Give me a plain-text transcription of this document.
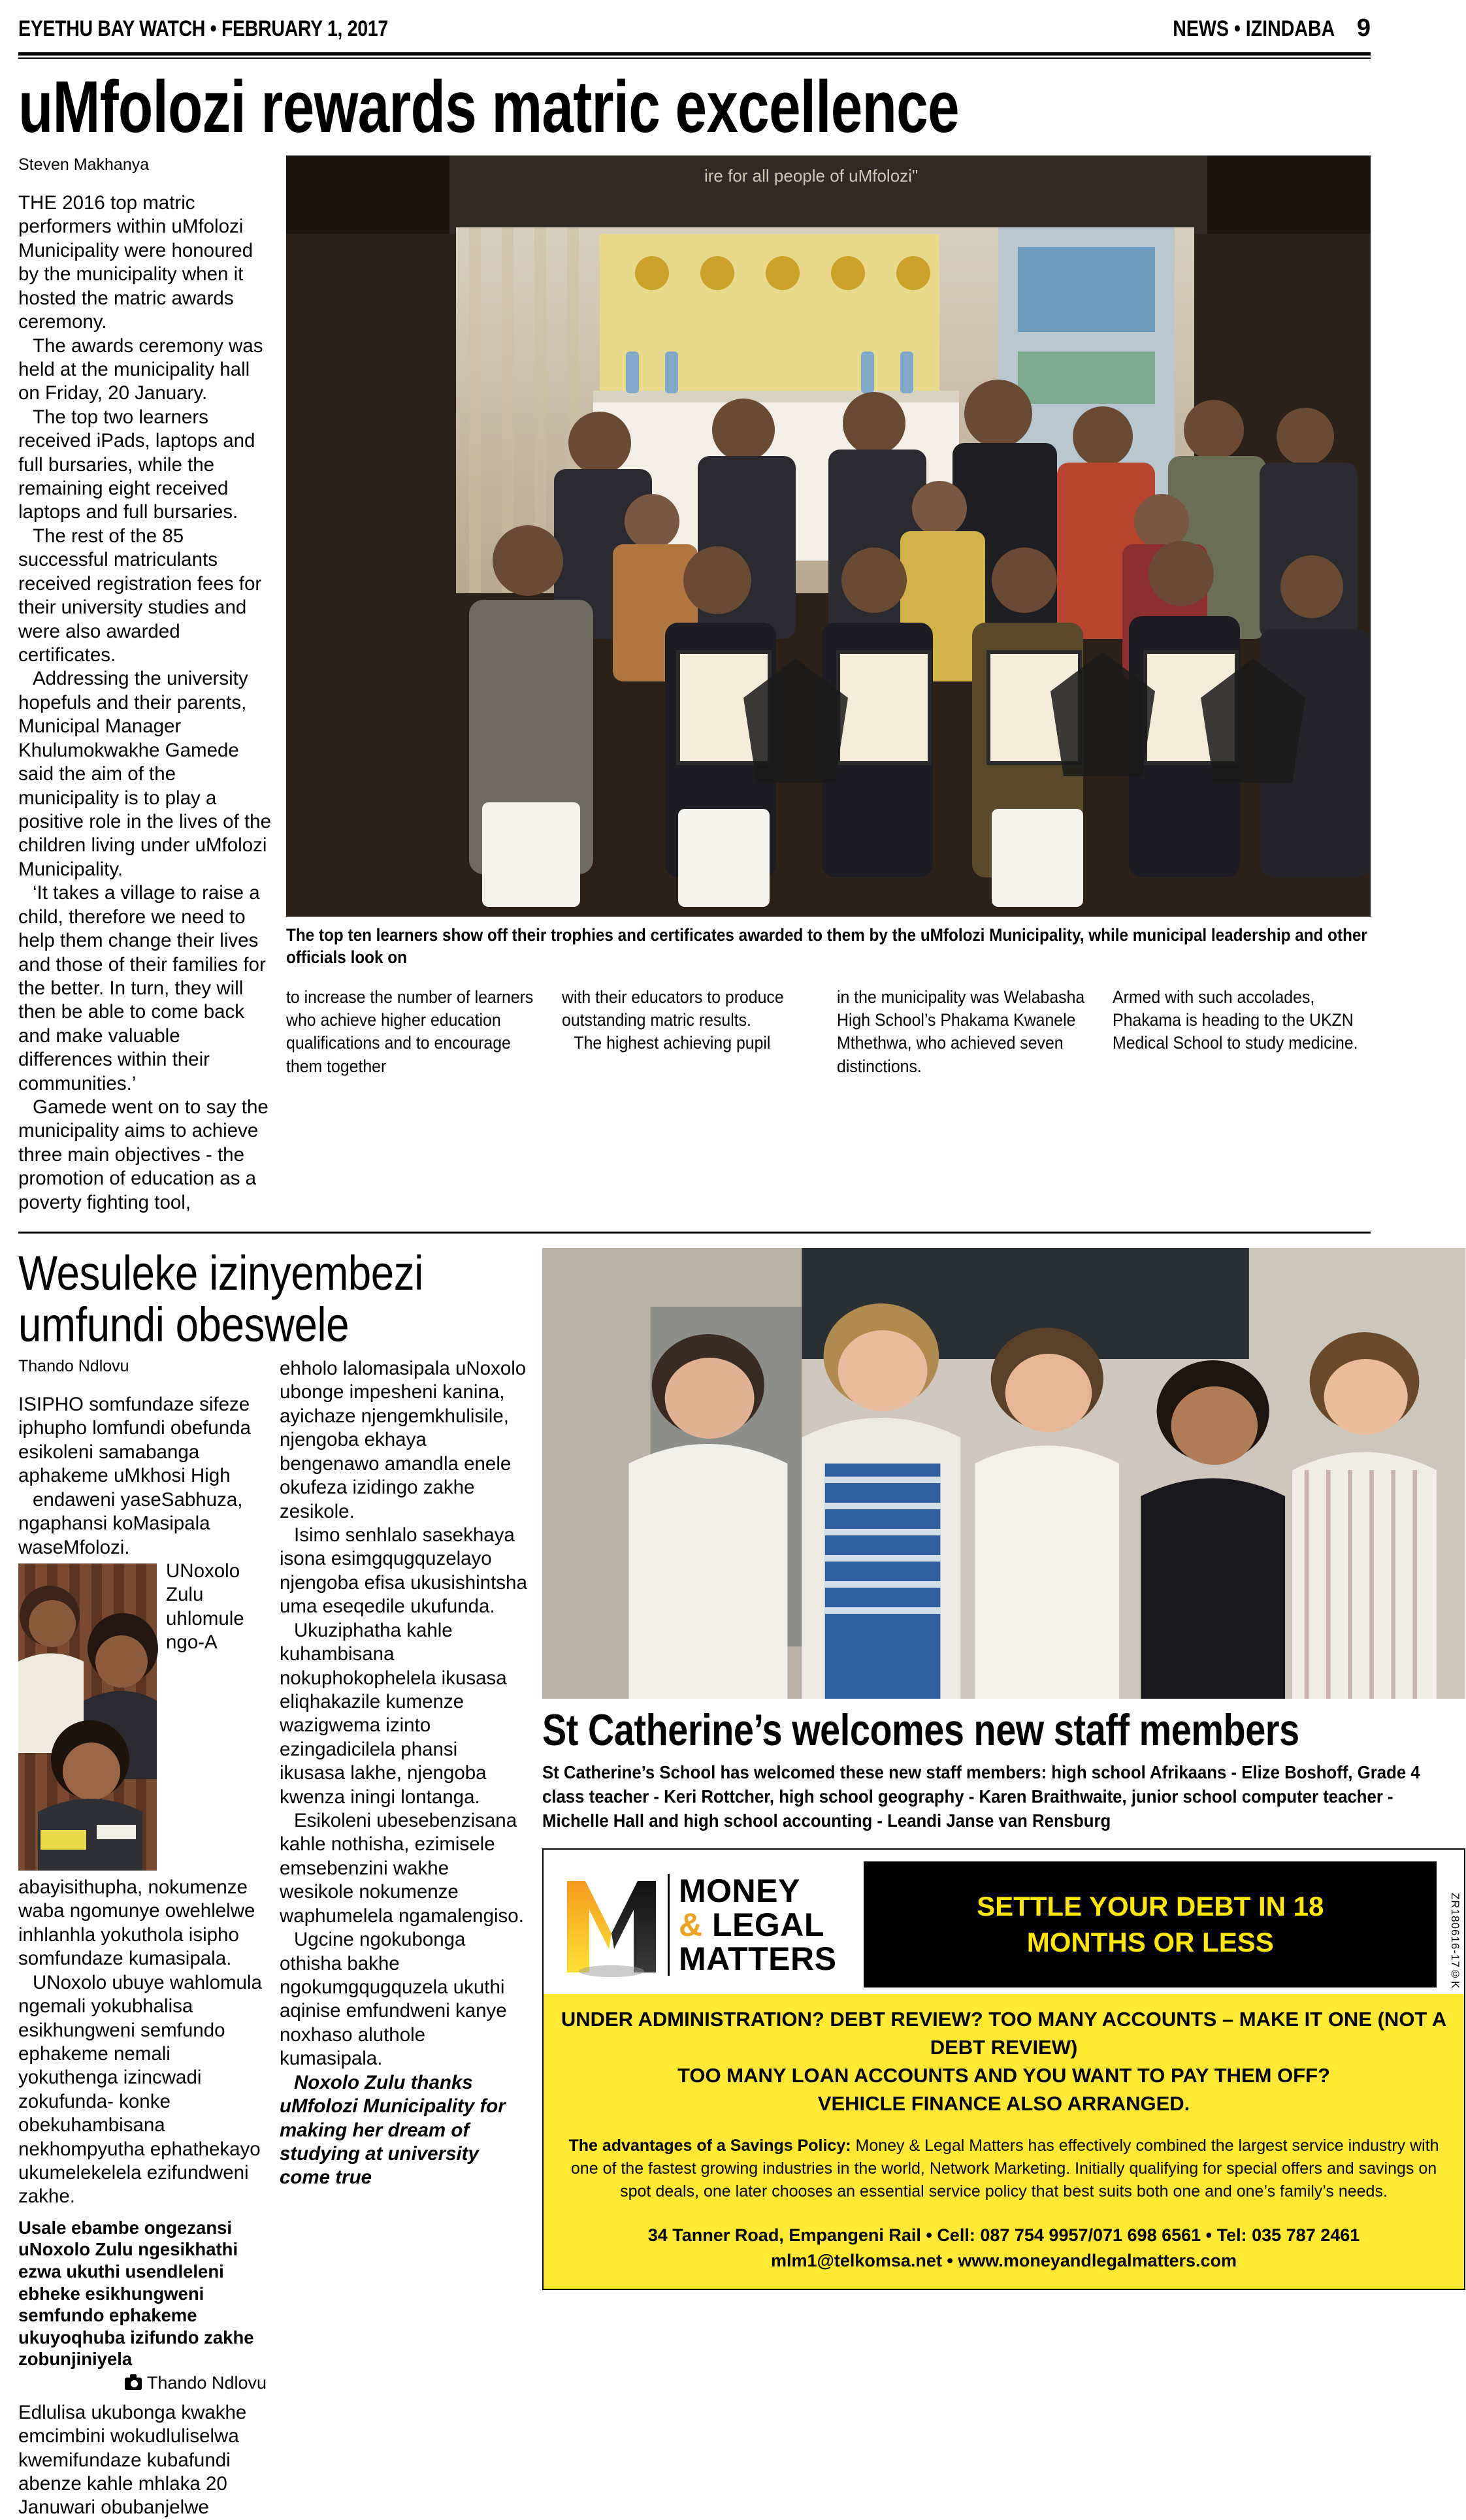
EYETHU BAY WATCH • FEBRUARY 1, 2017	NEWS • IZINDABA 9
uMfolozi rewards matric excellence
Steven Makhanya

THE 2016 top matric performers within uMfolozi Municipality were honoured by the municipality when it hosted the matric awards ceremony.

The awards ceremony was held at the municipality hall on Friday, 20 January.

The top two learners received iPads, laptops and full bursaries, while the remaining eight received laptops and full bursaries.

The rest of the 85 successful matriculants received registration fees for their university studies and were also awarded certificates.

Addressing the university hopefuls and their parents, Municipal Manager Khulumokwakhe Gamede said the aim of the municipality is to play a positive role in the lives of the children living under uMfolozi Municipality.

‘It takes a village to raise a child, therefore we need to help them change their lives and those of their families for the better. In turn, they will then be able to come back and make valuable differences within their communities.’

Gamede went on to say the municipality aims to achieve three main objectives - the promotion of education as a poverty fighting tool,

ire for all people of uMfolozi"
The top ten learners show off their trophies and certificates awarded to them by the uMfolozi Municipality, while municipal leadership and other officials look on

to increase the number of learners who achieve higher education qualifications and to encourage them together

with their educators to produce outstanding matric results.

The highest achieving pupil

in the municipality was Welabasha High School’s Phakama Kwanele Mthethwa, who achieved seven distinctions.

Armed with such accolades, Phakama is heading to the UKZN Medical School to study medicine.

Wesuleke izinyembezi umfundi obeswele
Thando Ndlovu

ISIPHO somfundaze sifeze iphupho lomfundi obefunda esikoleni samabanga aphakeme uMkhosi High

endaweni yaseSabhuza, ngaphansi koMasipala waseMfolozi.

UNoxolo Zulu uhlomule ngo-A abayisithupha, nokumenze waba ngomunye owehlelwe inhlanhla yokuthola isipho somfundaze kumasipala.

UNoxolo ubuye wahlomula ngemali yokubhalisa esikhungweni semfundo ephakeme nemali yokuthenga izincwadi zokufunda- konke obekuhambisana nekhompyutha ephathekayo ukumelekelela ezifundweni zakhe.

Usale ebambe ongezansi uNoxolo Zulu ngesikhathi ezwa ukuthi usendleleni ebheke esikhungweni semfundo ephakeme ukuyoqhuba izifundo zakhe zobunjiniyela
Thando Ndlovu

Edlulisa ukubonga kwakhe emcimbini wokudluliselwa kwemifundaze kubafundi abenze kahle mhlaka 20 Januwari obubanjelwe

ehholo lalomasipala uNoxolo ubonge impesheni kanina, ayichaze njengemkhulisile, njengoba ekhaya bengenawo amandla enele okufeza izidingo zakhe zesikole.

Isimo senhlalo sasekhaya isona esimgqugquzelayo njengoba efisa ukusishintsha uma eseqedile ukufunda.

Ukuziphatha kahle kuhambisana nokuphokophelela ikusasa eliqhakazile kumenze wazigwema izinto ezingadicilela phansi ikusasa lakhe, njengoba kwenza iningi lontanga.

Esikoleni ubesebenzisana kahle nothisha, ezimisele emsebenzini wakhe wesikole nokumenze waphumelela ngamalengiso.

Ugcine ngokubonga othisha bakhe ngokumgqugquzela ukuthi aqinise emfundweni kanye noxhaso aluthole kumasipala.

Noxolo Zulu thanks uMfolozi Municipality for making her dream of studying at university come true

St Catherine’s welcomes new staff members

St Catherine’s School has welcomed these new staff members: high school Afrikaans - Elize Boshoff, Grade 4 class teacher - Keri Rottcher, high school geography - Karen Braithwaite, junior school computer teacher - Michelle Hall and high school accounting - Leandi Janse van Rensburg

ZR180616-17©K
MONEY
& LEGAL
MATTERS
SETTLE YOUR DEBT IN 18
MONTHS OR LESS
UNDER ADMINISTRATION? DEBT REVIEW? TOO MANY ACCOUNTS – MAKE IT ONE (NOT A DEBT REVIEW)
TOO MANY LOAN ACCOUNTS AND YOU WANT TO PAY THEM OFF?
VEHICLE FINANCE ALSO ARRANGED.

The advantages of a Savings Policy: Money & Legal Matters has effectively combined the largest service industry with one of the fastest growing industries in the world, Network Marketing. Initially qualifying for special offers and savings on spot deals, one later chooses an essential service policy that best suits both one and one’s family’s needs.

34 Tanner Road, Empangeni Rail • Cell: 087 754 9957/071 698 6561 • Tel: 035 787 2461
mlm1@telkomsa.net • www.moneyandlegalmatters.com
